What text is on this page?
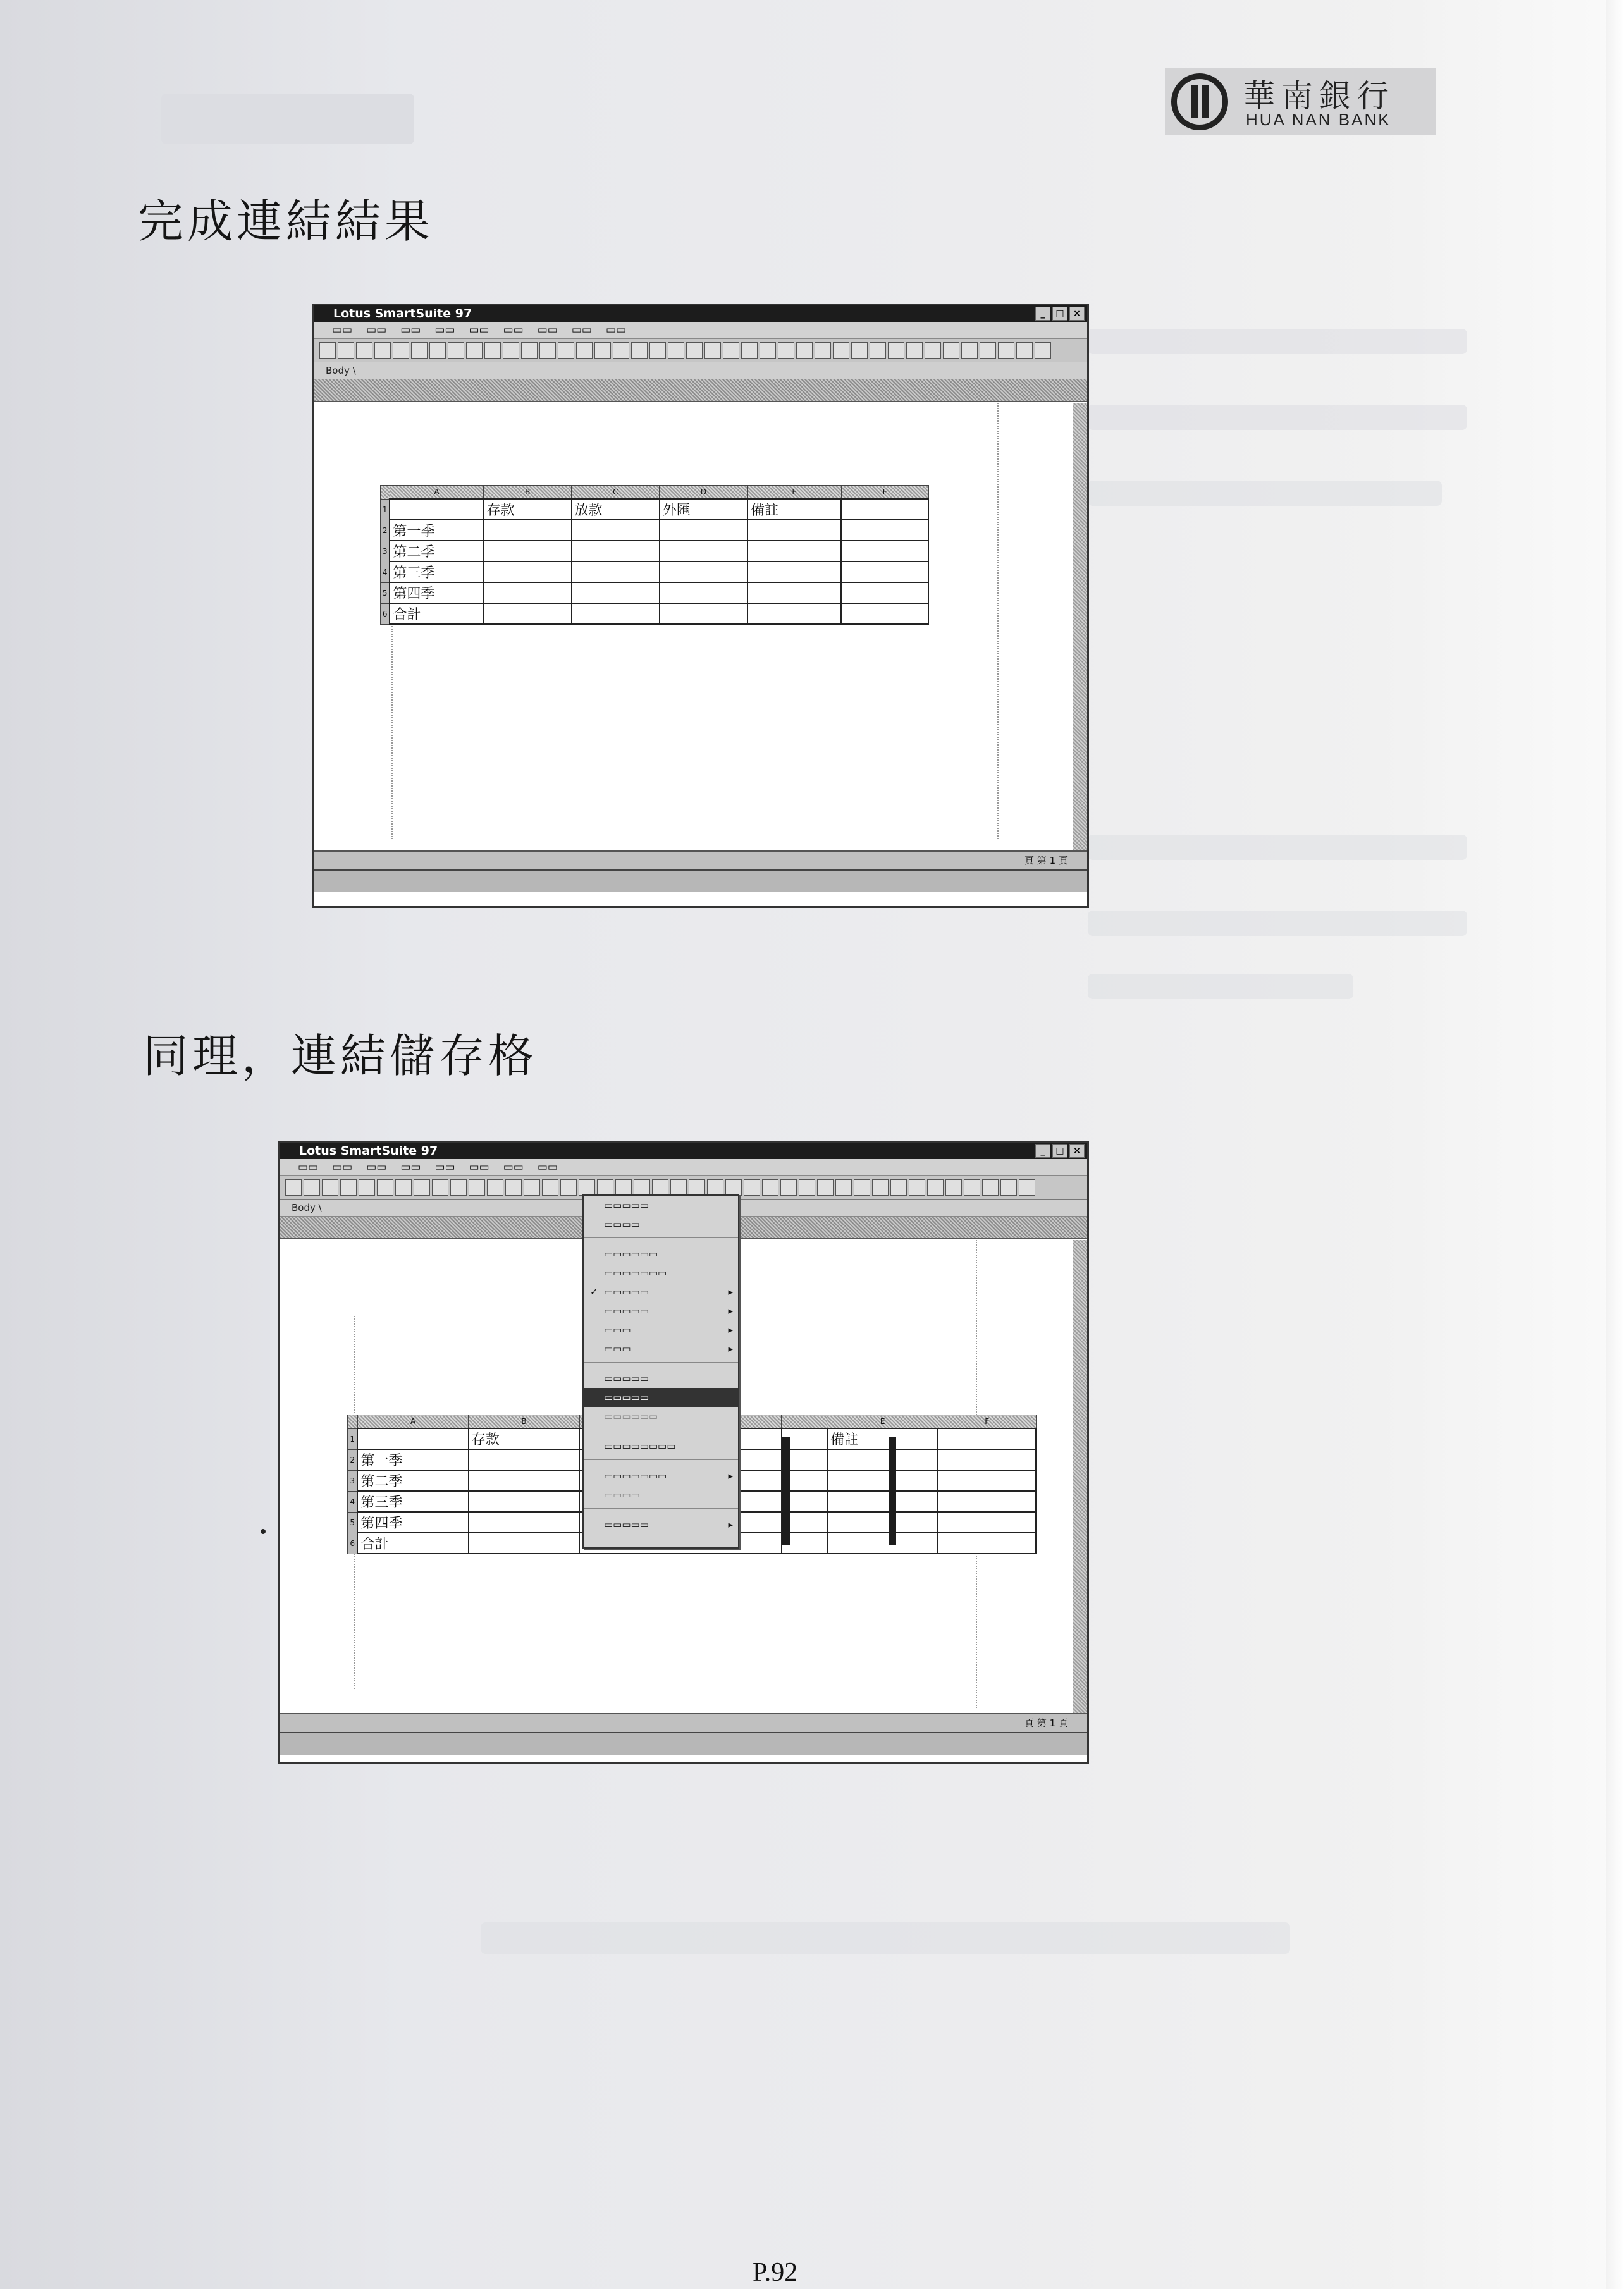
華南銀行
HUA NAN BANK
完成連結結果
Lotus SmartSuite 97	_	□	×
▭▭ ▭▭ ▭▭ ▭▭ ▭▭ ▭▭ ▭▭ ▭▭ ▭▭
Body \
	A	B	C	D	E	F
1		存款	放款	外匯	備註	
2	第一季					
3	第二季					
4	第三季					
5	第四季					
6	合計					
頁 第 1 頁
同理，連結儲存格
Lotus SmartSuite 97	_	□	×
▭▭ ▭▭ ▭▭ ▭▭ ▭▭ ▭▭ ▭▭ ▭▭
Body \
	A	B			E	F
1		存款			備註	
2	第一季					
3	第二季					
4	第三季					
5	第四季					
6	合計					
▭▭▭▭▭
▭▭▭▭
▭▭▭▭▭▭
▭▭▭▭▭▭▭
✓ ▭▭▭▭▭	▸
▭▭▭▭▭	▸
▭▭▭	▸
▭▭▭	▸
▭▭▭▭▭
▭▭▭▭▭
▭▭▭▭▭▭
▭▭▭▭▭▭▭▭
▭▭▭▭▭▭▭	▸
▭▭▭▭
▭▭▭▭▭	▸
頁 第 1 頁
P.92
